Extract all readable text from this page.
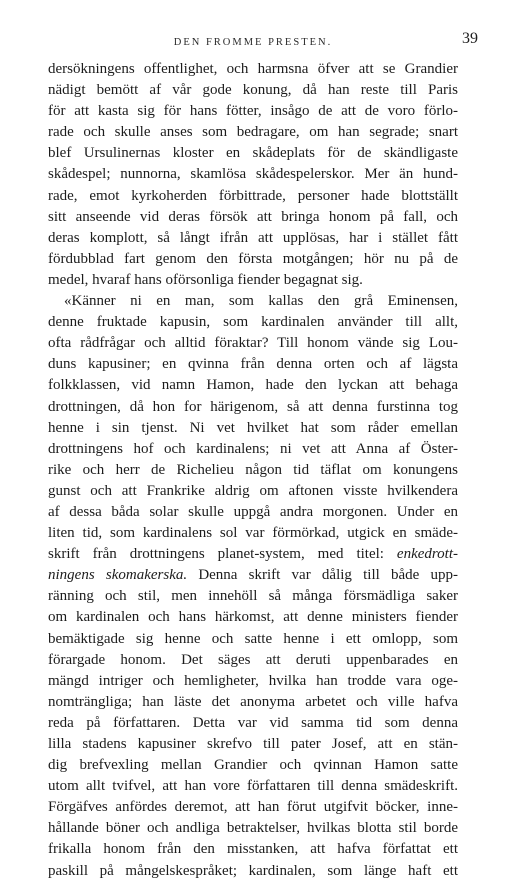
DEN FROMME PRESTEN.	39
dersökningens offentlighet, och harmsna öfver att se Grandier
nädigt bemött af vår gode konung, då han reste till Paris
för att kasta sig för hans fötter, insågo de att de voro förlo-
rade och skulle anses som bedragare, om han segrade; snart
blef Ursulinernas kloster en skådeplats för de skändligaste
skådespel; nunnorna, skamlösa skådespelerskor. Mer än hund-
rade, emot kyrkoherden förbittrade, personer hade blottställt
sitt anseende vid deras försök att bringa honom på fall, och
deras komplott, så långt ifrån att upplösas, har i stället fått
fördubblad fart genom den första motgången; hör nu på de
medel, hvaraf hans oförsonliga fiender begagnat sig.
«Känner ni en man, som kallas den grå Eminensen,
denne fruktade kapusin, som kardinalen använder till allt,
ofta rådfrågar och alltid föraktar? Till honom vände sig Lou-
duns kapusiner; en qvinna från denna orten och af lägsta
folkklassen, vid namn Hamon, hade den lyckan att behaga
drottningen, då hon for härigenom, så att denna furstinna tog
henne i sin tjenst. Ni vet hvilket hat som råder emellan
drottningens hof och kardinalens; ni vet att Anna af Öster-
rike och herr de Richelieu någon tid täflat om konungens
gunst och att Frankrike aldrig om aftonen visste hvilkendera
af dessa båda solar skulle uppgå andra morgonen. Under en
liten tid, som kardinalens sol var förmörkad, utgick en smäde-
skrift från drottningens planet-system, med titel: enkedrott-
ningens skomakerska. Denna skrift var dålig till både upp-
ränning och stil, men innehöll så många försmädliga saker
om kardinalen och hans härkomst, att denne ministers fiender
bemäktigade sig henne och satte henne i ett omlopp, som
förargade honom. Det säges att deruti uppenbarades en
mängd intriger och hemligheter, hvilka han trodde vara oge-
nomträngliga; han läste det anonyma arbetet och ville hafva
reda på författaren. Detta var vid samma tid som denna
lilla stadens kapusiner skrefvo till pater Josef, att en stän-
dig brefvexling mellan Grandier och qvinnan Hamon satte
utom allt tvifvel, att han vore författaren till denna smädeskrift.
Förgäfves anfördes deremot, att han förut utgifvit böcker, inne-
hållande böner och andliga betraktelser, hvilkas blotta stil borde
frikalla honom från den misstanken, att hafva författat ett
paskill på mångelskespråket; kardinalen, som länge haft ett
